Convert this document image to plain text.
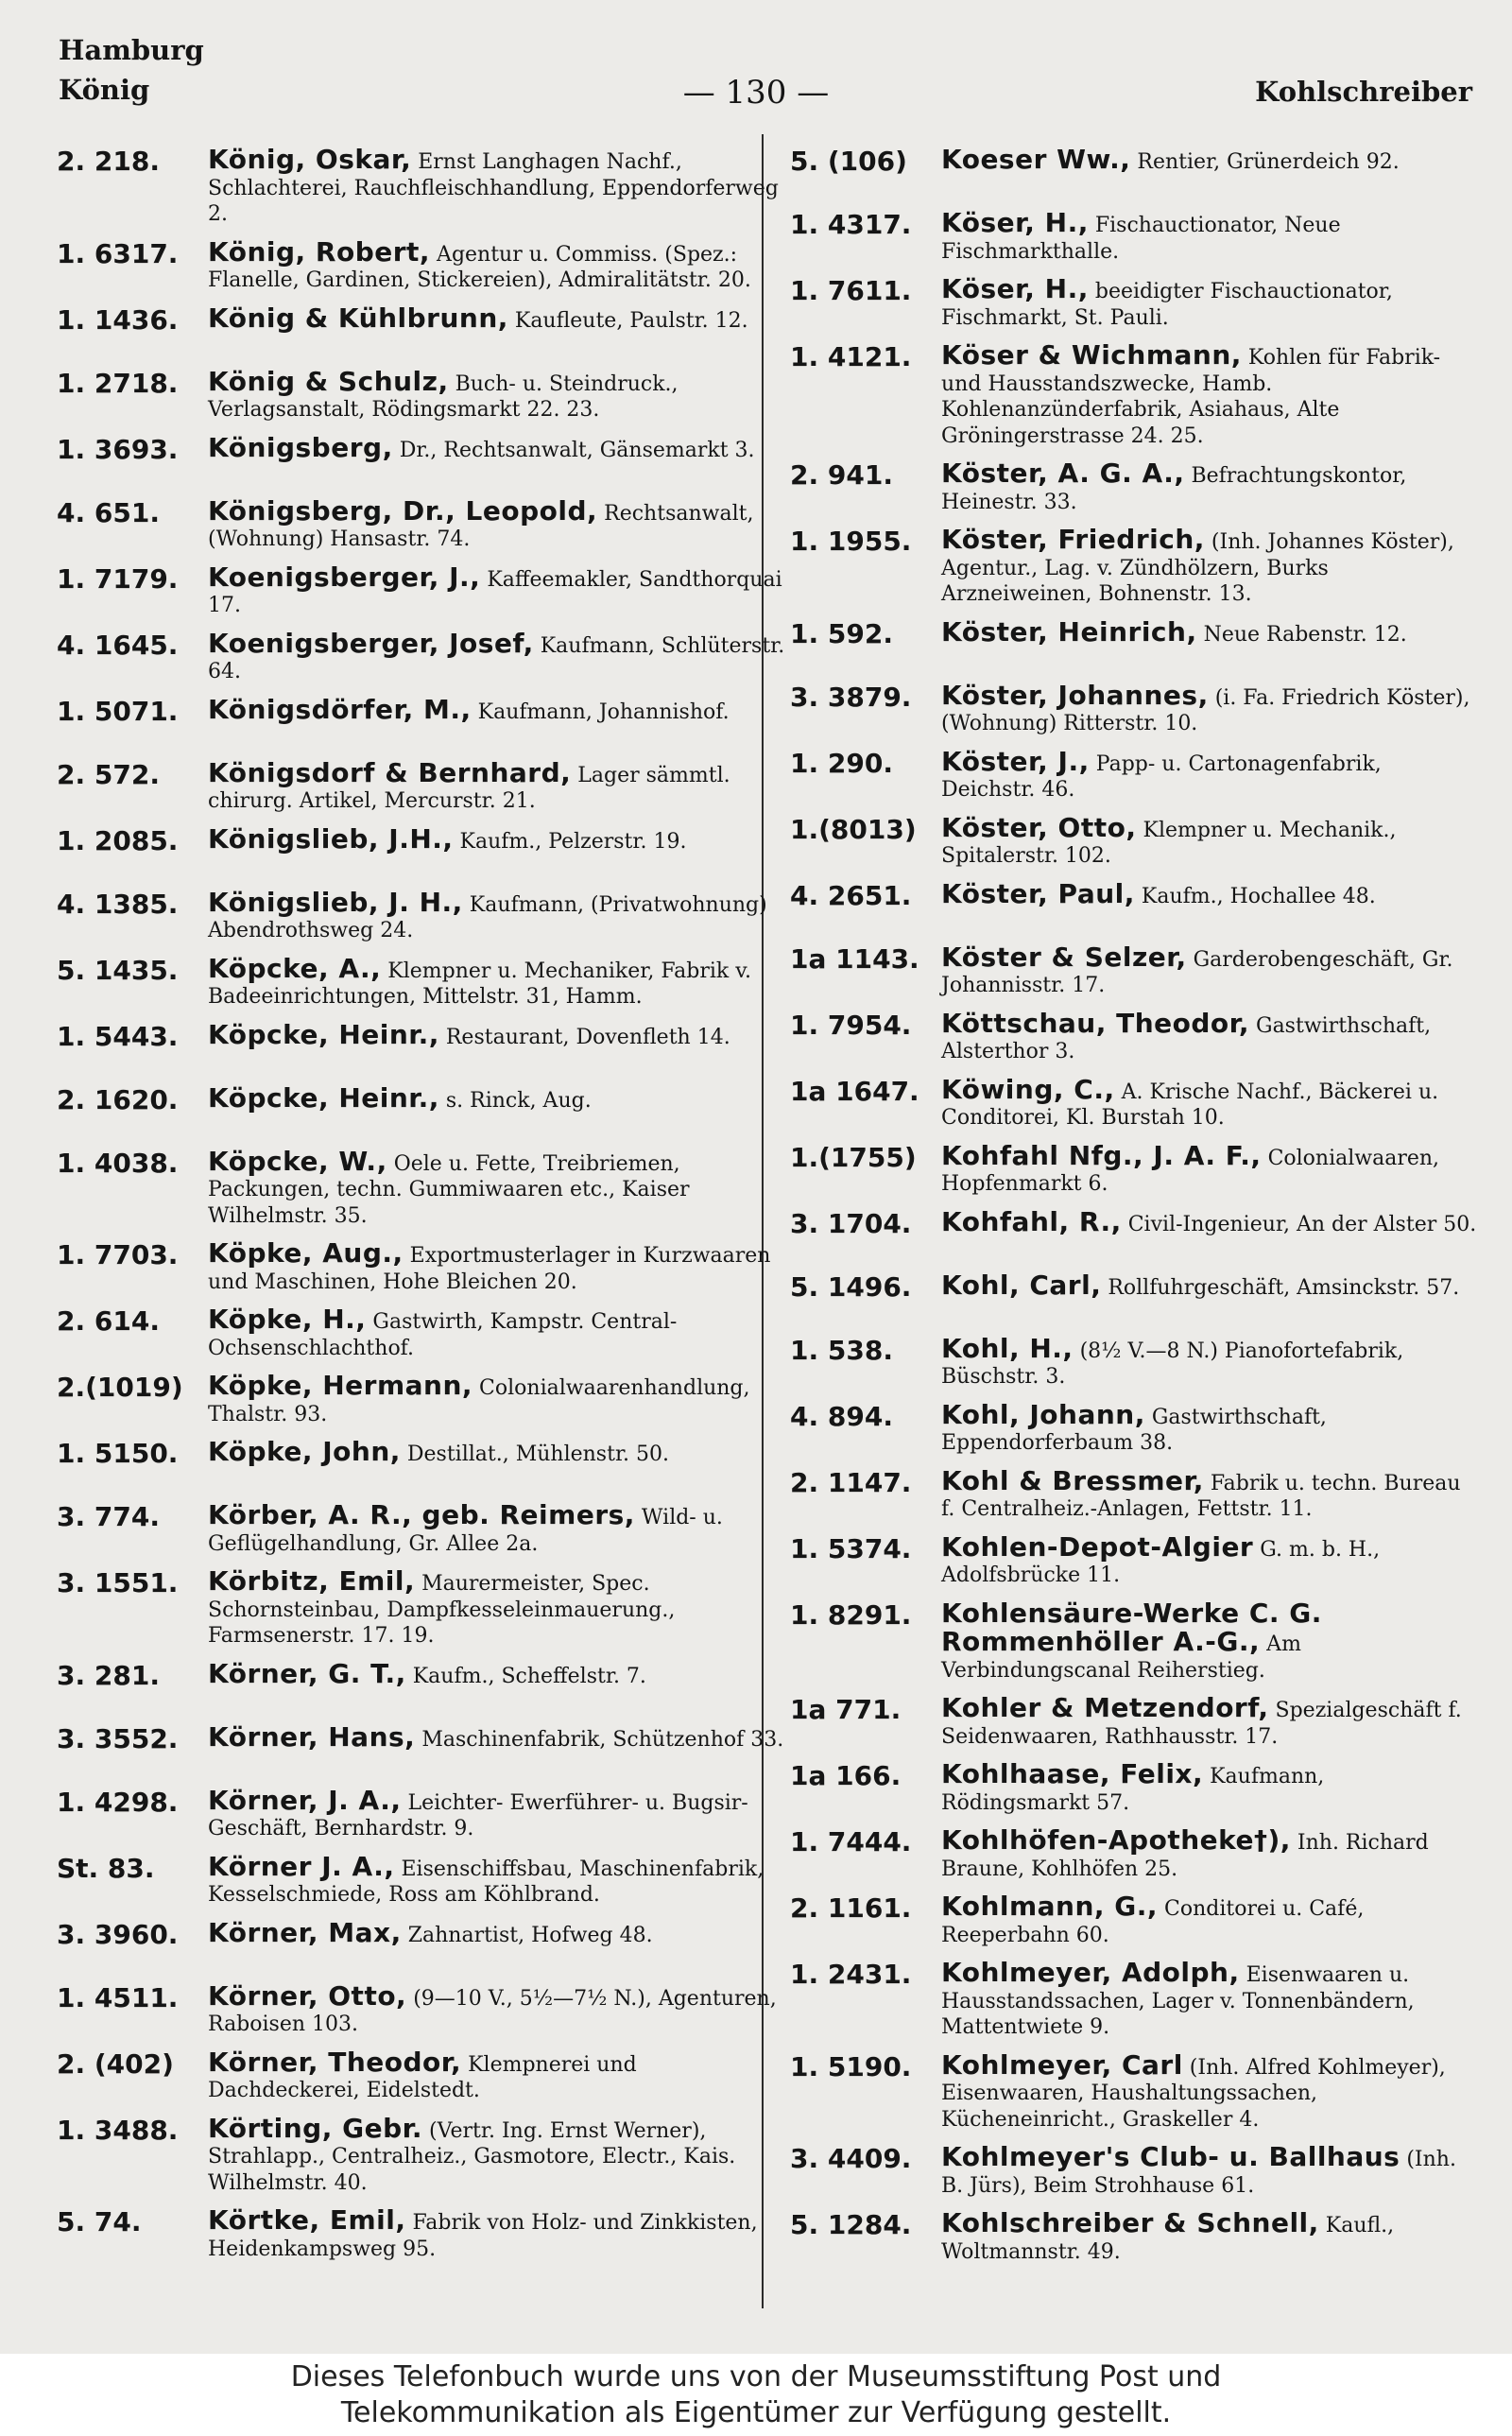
Hamburg
König	— 130 —	Kohlschreiber
2. 218.	König, Oskar, Ernst Langhagen Nachf., Schlachterei, Rauchfleischhandlung, Eppendorferweg 2.
1. 6317.	König, Robert, Agentur u. Commiss. (Spez.: Flanelle, Gardinen, Stickereien), Admiralitätstr. 20.
1. 1436.	König & Kühlbrunn, Kaufleute, Paulstr. 12.
1. 2718.	König & Schulz, Buch- u. Steindruck., Verlagsanstalt, Rödingsmarkt 22. 23.
1. 3693.	Königsberg, Dr., Rechtsanwalt, Gänsemarkt 3.
4. 651.	Königsberg, Dr., Leopold, Rechtsanwalt, (Wohnung) Hansastr. 74.
1. 7179.	Koenigsberger, J., Kaffeemakler, Sandthorquai 17.
4. 1645.	Koenigsberger, Josef, Kaufmann, Schlüterstr. 64.
1. 5071.	Königsdörfer, M., Kaufmann, Johannishof.
2. 572.	Königsdorf & Bernhard, Lager sämmtl. chirurg. Artikel, Mercurstr. 21.
1. 2085.	Königslieb, J.H., Kaufm., Pelzerstr. 19.
4. 1385.	Königslieb, J. H., Kaufmann, (Privatwohnung) Abendrothsweg 24.
5. 1435.	Köpcke, A., Klempner u. Mechaniker, Fabrik v. Badeeinrichtungen, Mittelstr. 31, Hamm.
1. 5443.	Köpcke, Heinr., Restaurant, Dovenfleth 14.
2. 1620.	Köpcke, Heinr., s. Rinck, Aug.
1. 4038.	Köpcke, W., Oele u. Fette, Treibriemen, Packungen, techn. Gummiwaaren etc., Kaiser Wilhelmstr. 35.
1. 7703.	Köpke, Aug., Exportmusterlager in Kurzwaaren und Maschinen, Hohe Bleichen 20.
2. 614.	Köpke, H., Gastwirth, Kampstr. Central-Ochsenschlachthof.
2.(1019) Köpke, Hermann, Colonialwaarenhandlung, Thalstr. 93.
1. 5150.	Köpke, John, Destillat., Mühlenstr. 50.
3. 774.	Körber, A. R., geb. Reimers, Wild- u. Geflügelhandlung, Gr. Allee 2a.
3. 1551.	Körbitz, Emil, Maurermeister, Spec. Schornsteinbau, Dampfkesseleinmauerung., Farmsenerstr. 17. 19.
3. 281.	Körner, G. T., Kaufm., Scheffelstr. 7.
3. 3552.	Körner, Hans, Maschinenfabrik, Schützenhof 33.
1. 4298.	Körner, J. A., Leichter- Ewerführer- u. Bugsir-Geschäft, Bernhardstr. 9.
St. 83.	Körner J. A., Eisenschiffsbau, Maschinenfabrik, Kesselschmiede, Ross am Köhlbrand.
3. 3960.	Körner, Max, Zahnartist, Hofweg 48.
1. 4511.	Körner, Otto, (9—10 V., 5½—7½ N.), Agenturen, Raboisen 103.
2. (402)	Körner, Theodor, Klempnerei und Dachdeckerei, Eidelstedt.
1. 3488.	Körting, Gebr. (Vertr. Ing. Ernst Werner), Strahlapp., Centralheiz., Gasmotore, Electr., Kais. Wilhelmstr. 40.
5. 74.	Körtke, Emil, Fabrik von Holz- und Zinkkisten, Heidenkampsweg 95.
5. (106)	Koeser Ww., Rentier, Grünerdeich 92.
1. 4317.	Köser, H., Fischauctionator, Neue Fischmarkthalle.
1. 7611.	Köser, H., beeidigter Fischauctionator, Fischmarkt, St. Pauli.
1. 4121.	Köser & Wichmann, Kohlen für Fabrik- und Hausstandszwecke, Hamb. Kohlenanzünderfabrik, Asiahaus, Alte Gröningerstrasse 24. 25.
2. 941.	Köster, A. G. A., Befrachtungskontor, Heinestr. 33.
1. 1955.	Köster, Friedrich, (Inh. Johannes Köster), Agentur., Lag. v. Zündhölzern, Burks Arzneiweinen, Bohnenstr. 13.
1. 592.	Köster, Heinrich, Neue Rabenstr. 12.
3. 3879.	Köster, Johannes, (i. Fa. Friedrich Köster), (Wohnung) Ritterstr. 10.
1. 290.	Köster, J., Papp- u. Cartonagenfabrik, Deichstr. 46.
1.(8013) Köster, Otto, Klempner u. Mechanik., Spitalerstr. 102.
4. 2651.	Köster, Paul, Kaufm., Hochallee 48.
1a 1143. Köster & Selzer, Garderobengeschäft, Gr. Johannisstr. 17.
1. 7954.	Köttschau, Theodor, Gastwirthschaft, Alsterthor 3.
1a 1647. Köwing, C., A. Krische Nachf., Bäckerei u. Conditorei, Kl. Burstah 10.
1.(1755) Kohfahl Nfg., J. A. F., Colonialwaaren, Hopfenmarkt 6.
3. 1704.	Kohfahl, R., Civil-Ingenieur, An der Alster 50.
5. 1496.	Kohl, Carl, Rollfuhrgeschäft, Amsinckstr. 57.
1. 538.	Kohl, H., (8½ V.—8 N.) Pianofortefabrik, Büschstr. 3.
4. 894.	Kohl, Johann, Gastwirthschaft, Eppendorferbaum 38.
2. 1147.	Kohl & Bressmer, Fabrik u. techn. Bureau f. Centralheiz.-Anlagen, Fettstr. 11.
1. 5374.	Kohlen-Depot-Algier G. m. b. H., Adolfsbrücke 11.
1. 8291.	Kohlensäure-Werke C. G. Rommenhöller A.-G., Am Verbindungscanal Reiherstieg.
1a 771.	Kohler & Metzendorf, Spezialgeschäft f. Seidenwaaren, Rathhausstr. 17.
1a 166.	Kohlhaase, Felix, Kaufmann, Rödingsmarkt 57.
1. 7444.	Kohlhöfen-Apotheke†), Inh. Richard Braune, Kohlhöfen 25.
2. 1161.	Kohlmann, G., Conditorei u. Café, Reeperbahn 60.
1. 2431.	Kohlmeyer, Adolph, Eisenwaaren u. Hausstandssachen, Lager v. Tonnenbändern, Mattentwiete 9.
1. 5190.	Kohlmeyer, Carl (Inh. Alfred Kohlmeyer), Eisenwaaren, Haushaltungssachen, Kücheneinricht., Graskeller 4.
3. 4409.	Kohlmeyer's Club- u. Ballhaus (Inh. B. Jürs), Beim Strohhause 61.
5. 1284.	Kohlschreiber & Schnell, Kaufl., Woltmannstr. 49.
Dieses Telefonbuch wurde uns von der Museumsstiftung Post und
Telekommunikation als Eigentümer zur Verfügung gestellt.
